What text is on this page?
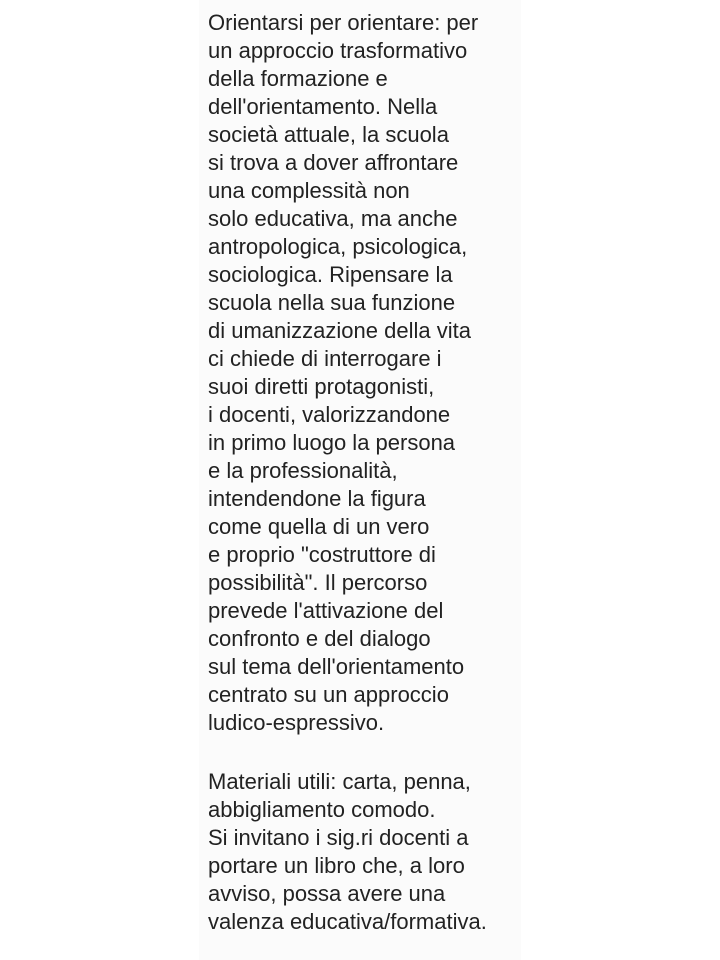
Orientarsi per orientare: per
un approccio trasformativo
della formazione e
dell'orientamento. Nella
società attuale, la scuola
si trova a dover affrontare
una complessità non
solo educativa, ma anche
antropologica, psicologica,
sociologica. Ripensare la
scuola nella sua funzione
di umanizzazione della vita
ci chiede di interrogare i
suoi diretti protagonisti,
i docenti, valorizzandone
in primo luogo la persona
e la professionalità,
intendendone la figura
come quella di un vero
e proprio "costruttore di
possibilità". Il percorso
prevede l'attivazione del
confronto e del dialogo
sul tema dell'orientamento
centrato su un approccio
ludico-espressivo.
Materiali utili: carta, penna,
abbigliamento comodo.
Si invitano i sig.ri docenti a
portare un libro che, a loro
avviso, possa avere una
valenza educativa/formativa.
